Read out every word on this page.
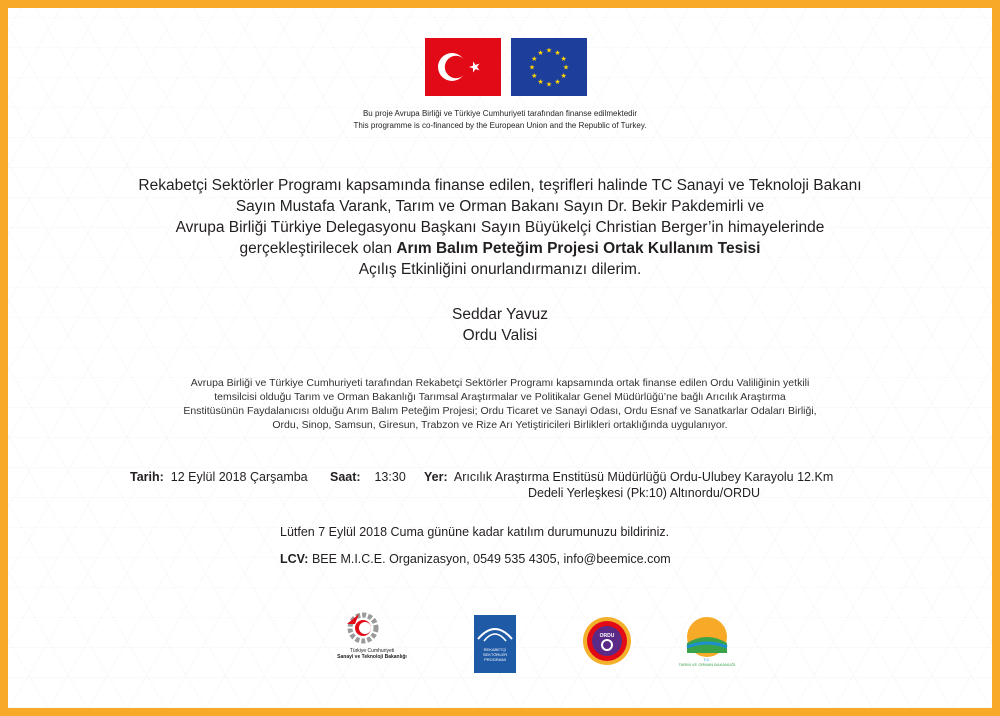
★ ★
★
★
★
★
★
★
★
★
★
★
Bu proje Avrupa Birliği ve Türkiye Cumhuriyeti tarafından finanse edilmektedir
This programme is co-financed by the European Union and the Republic of Turkey.
Rekabetçi Sektörler Programı kapsamında finanse edilen, teşrifleri halinde TC Sanayi ve Teknoloji Bakanı
Sayın Mustafa Varank, Tarım ve Orman Bakanı Sayın Dr. Bekir Pakdemirli ve
Avrupa Birliği Türkiye Delegasyonu Başkanı Sayın Büyükelçi Christian Berger’in himayelerinde
gerçekleştirilecek olan Arım Balım Peteğim Projesi Ortak Kullanım Tesisi
Açılış Etkinliğini onurlandırmanızı dilerim.
Seddar Yavuz
Ordu Valisi
Avrupa Birliği ve Türkiye Cumhuriyeti tarafından Rekabetçi Sektörler Programı kapsamında ortak finanse edilen Ordu Valiliğinin yetkili
temsilcisi olduğu Tarım ve Orman Bakanlığı Tarımsal Araştırmalar ve Politikalar Genel Müdürlüğü’ne bağlı Arıcılık Araştırma
Enstitüsünün Faydalanıcısı olduğu Arım Balım Peteğim Projesi; Ordu Ticaret ve Sanayi Odası, Ordu Esnaf ve Sanatkarlar Odaları Birliği,
Ordu, Sinop, Samsun, Giresun, Trabzon ve Rize Arı Yetiştiricileri Birlikleri ortaklığında uygulanıyor.
Tarih: 12 Eylül 2018 Çarşamba Saat: 13:30 Yer: Arıcılık Araştırma Enstitüsü Müdürlüğü Ordu-Ulubey Karayolu 12.Km
Dedeli Yerleşkesi (Pk:10) Altınordu/ORDU
Lütfen 7 Eylül 2018 Cuma gününe kadar katılım durumunuzu bildiriniz.
LCV: BEE M.I.C.E. Organizasyon, 0549 535 4305, info@beemice.com
Türkiye Cumhuriyeti
Sanayi ve Teknoloji Bakanlığı
REKABETÇİ
SEKTÖRLER
PROGRAMI
ORDU
T.C.
TARIM VE ORMAN BAKANLIĞI
